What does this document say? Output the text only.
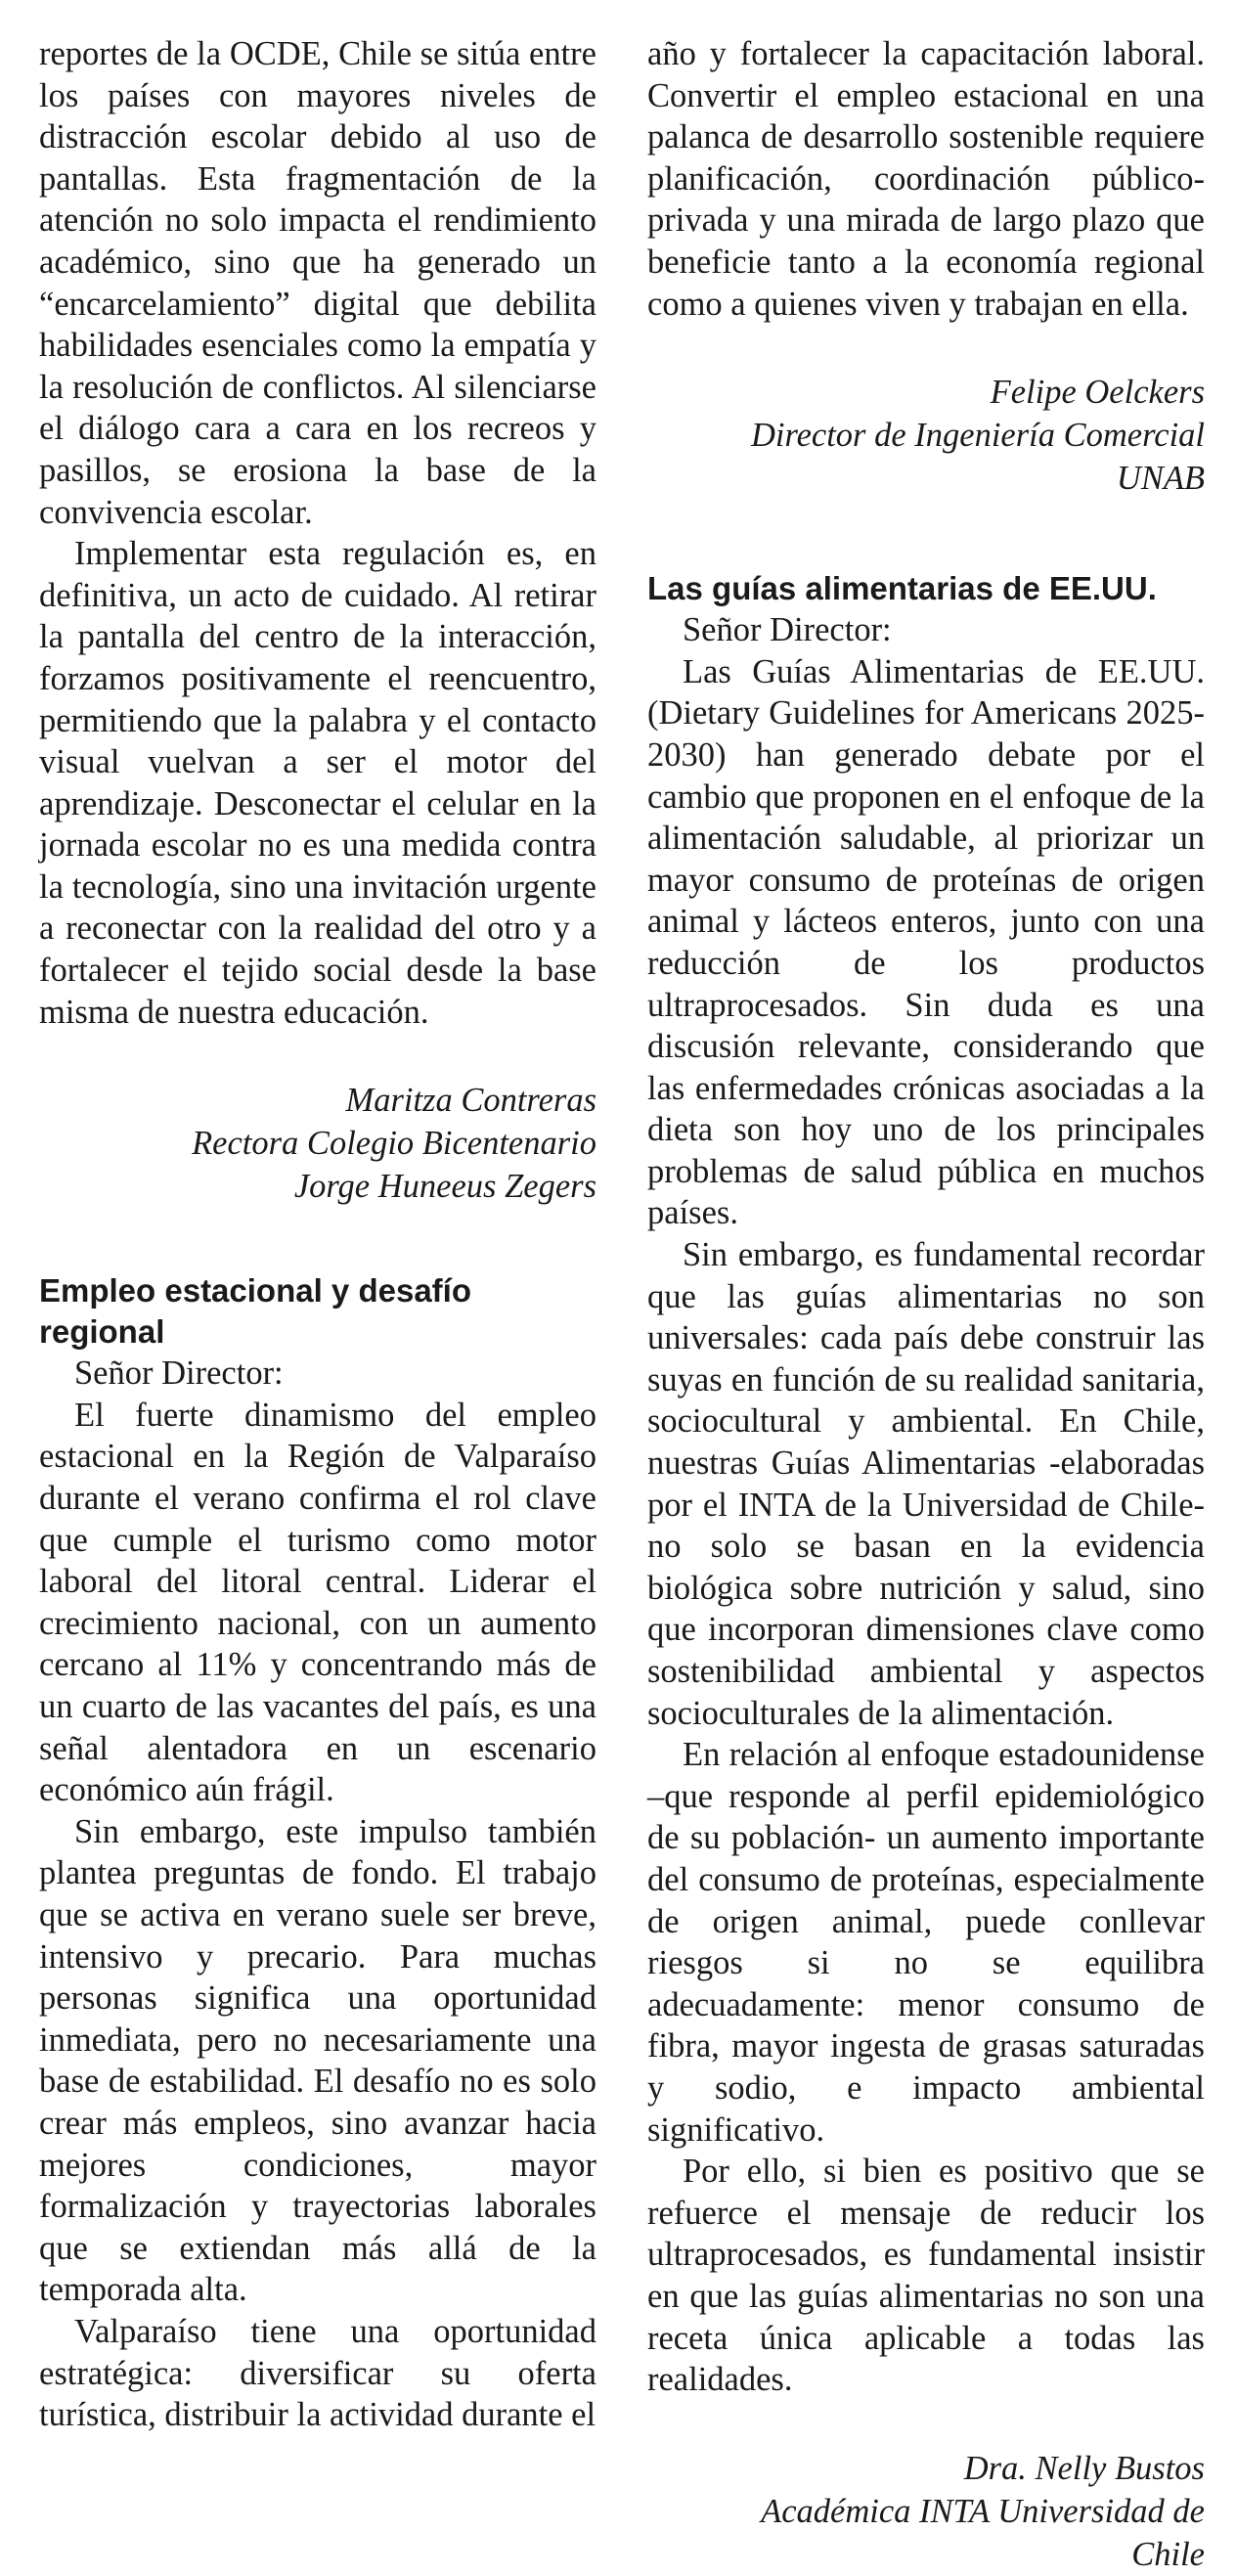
reportes de la OCDE, Chile se sitúa entre los países con mayores niveles de distracción escolar debido al uso de pantallas. Esta fragmentación de la atención no solo impacta el rendimiento académico, sino que ha generado un “encarcelamiento” digital que debilita habilidades esenciales como la empatía y la resolución de conflictos. Al silenciarse el diálogo cara a cara en los recreos y pasillos, se erosiona la base de la convivencia escolar.

Implementar esta regulación es, en definitiva, un acto de cuidado. Al retirar la pantalla del centro de la interacción, forzamos positivamente el reencuentro, permitiendo que la palabra y el contacto visual vuelvan a ser el motor del aprendizaje. Desconectar el celular en la jornada escolar no es una medida contra la tecnología, sino una invitación urgente a reconectar con la realidad del otro y a fortalecer el tejido social desde la base misma de nuestra educación.

Maritza Contreras

Rectora Colegio Bicentenario Jorge Huneeus Zegers

Empleo estacional y desafío regional

Señor Director:

El fuerte dinamismo del empleo estacional en la Región de Valparaíso durante el verano confirma el rol clave que cumple el turismo como motor laboral del litoral central. Liderar el crecimiento nacional, con un aumento cercano al 11% y concentrando más de un cuarto de las vacantes del país, es una señal alentadora en un escenario económico aún frágil.

Sin embargo, este impulso también plantea preguntas de fondo. El trabajo que se activa en verano suele ser breve, intensivo y precario. Para muchas personas significa una oportunidad inmediata, pero no necesariamente una base de estabilidad. El desafío no es solo crear más empleos, sino avanzar hacia mejores condiciones, mayor formalización y trayectorias laborales que se extiendan más allá de la temporada alta.

Valparaíso tiene una oportunidad estratégica: diversificar su oferta turística, distribuir la actividad durante el

año y fortalecer la capacitación laboral. Convertir el empleo estacional en una palanca de desarrollo sostenible requiere planificación, coordinación público-privada y una mirada de largo plazo que beneficie tanto a la economía regional como a quienes viven y trabajan en ella.

Felipe Oelckers

Director de Ingeniería Comercial UNAB

Las guías alimentarias de EE.UU.

Señor Director:

Las Guías Alimentarias de EE.UU. (Dietary Guidelines for Americans 2025-2030) han generado debate por el cambio que proponen en el enfoque de la alimentación saludable, al priorizar un mayor consumo de proteínas de origen animal y lácteos enteros, junto con una reducción de los productos ultraprocesados. Sin duda es una discusión relevante, considerando que las enfermedades crónicas asociadas a la dieta son hoy uno de los principales problemas de salud pública en muchos países.

Sin embargo, es fundamental recordar que las guías alimentarias no son universales: cada país debe construir las suyas en función de su realidad sanitaria, sociocultural y ambiental. En Chile, nuestras Guías Alimentarias -elaboradas por el INTA de la Universidad de Chile- no solo se basan en la evidencia biológica sobre nutrición y salud, sino que incorporan dimensiones clave como sostenibilidad ambiental y aspectos socioculturales de la alimentación.

En relación al enfoque estadounidense –que responde al perfil epidemiológico de su población- un aumento importante del consumo de proteínas, especialmente de origen animal, puede conllevar riesgos si no se equilibra adecuadamente: menor consumo de fibra, mayor ingesta de grasas saturadas y sodio, e impacto ambiental significativo.

Por ello, si bien es positivo que se refuerce el mensaje de reducir los ultraprocesados, es fundamental insistir en que las guías alimentarias no son una receta única aplicable a todas las realidades.

Dra. Nelly Bustos

Académica INTA Universidad de Chile
